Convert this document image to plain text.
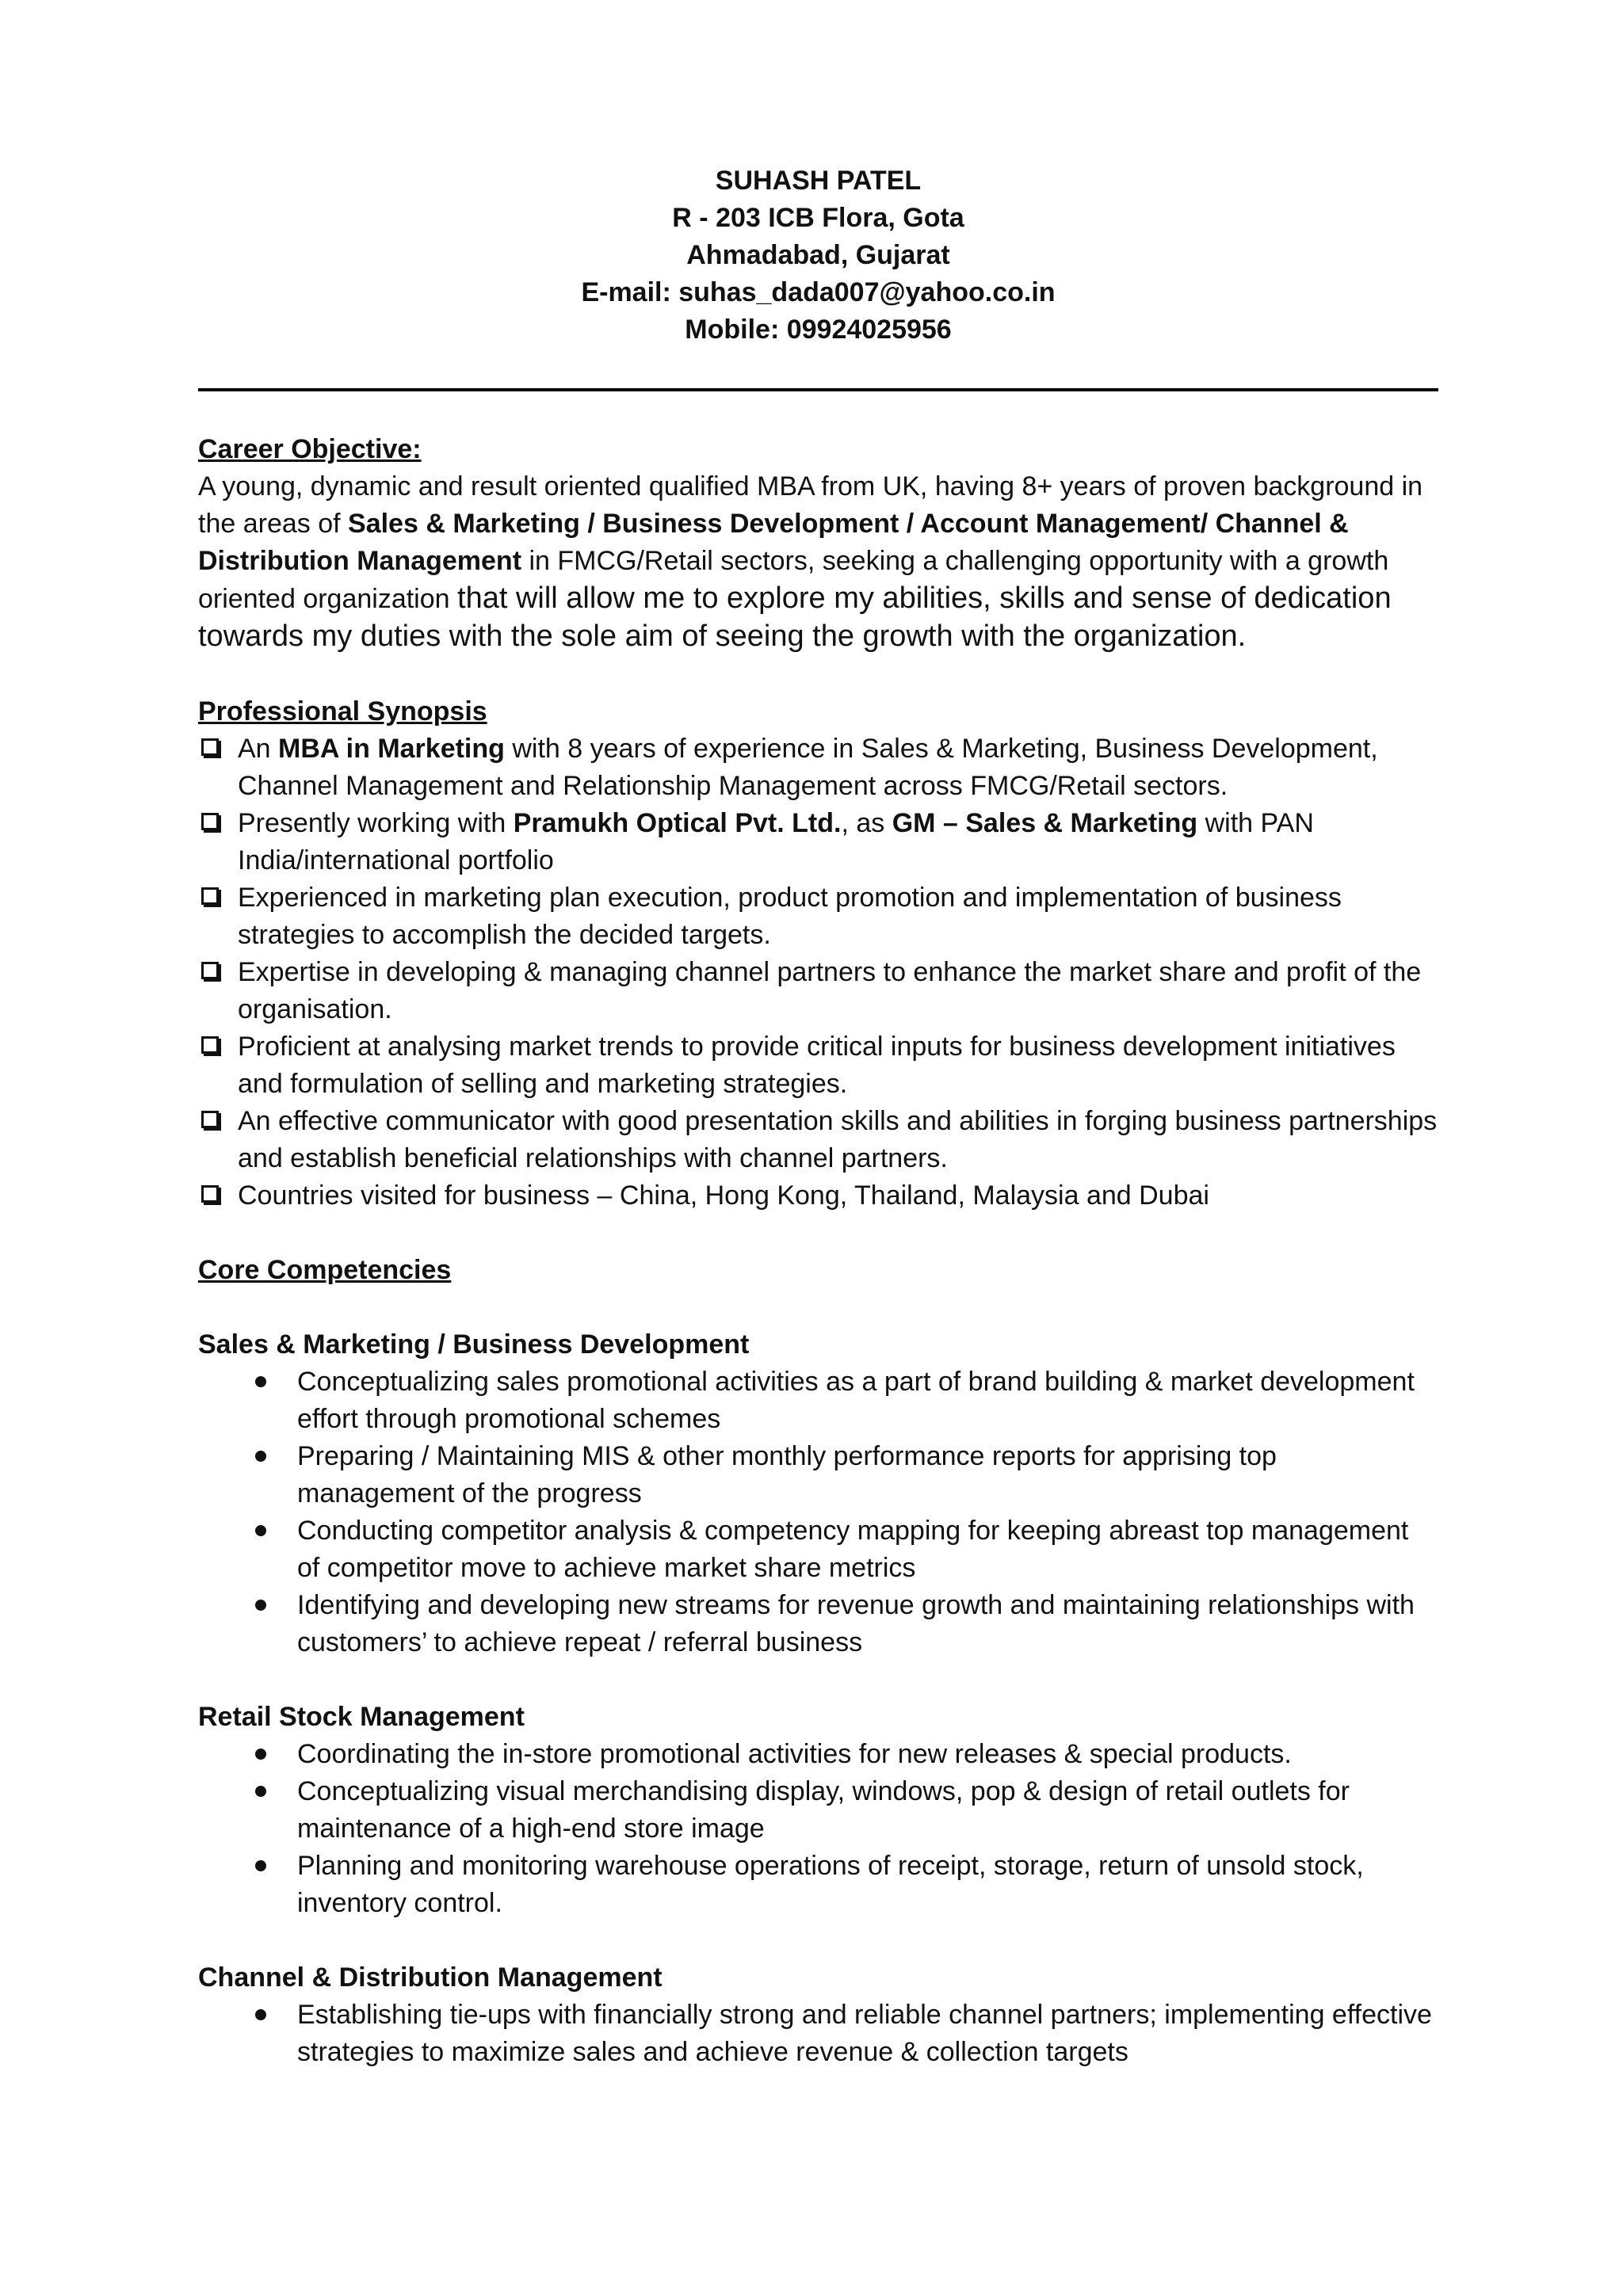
SUHASH PATEL
R - 203 ICB Flora, Gota
Ahmadabad, Gujarat
E-mail: suhas_dada007@yahoo.co.in
Mobile: 09924025956

Career Objective:

A young, dynamic and result oriented qualified MBA from UK, having 8+ years of proven background in the areas of Sales & Marketing / Business Development / Account Management/ Channel & Distribution Management in FMCG/Retail sectors, seeking a challenging opportunity with a growth oriented organization that will allow me to explore my abilities, skills and sense of dedication towards my duties with the sole aim of seeing the growth with the organization.

Professional Synopsis

An MBA in Marketing with 8 years of experience in Sales & Marketing, Business Development, Channel Management and Relationship Management across FMCG/Retail sectors.
Presently working with Pramukh Optical Pvt. Ltd., as GM – Sales & Marketing with PAN India/international portfolio
Experienced in marketing plan execution, product promotion and implementation of business strategies to accomplish the decided targets.
Expertise in developing & managing channel partners to enhance the market share and profit of the organisation.
Proficient at analysing market trends to provide critical inputs for business development initiatives and formulation of selling and marketing strategies.
An effective communicator with good presentation skills and abilities in forging business partnerships and establish beneficial relationships with channel partners.
Countries visited for business – China, Hong Kong, Thailand, Malaysia and Dubai

Core Competencies

Sales & Marketing / Business Development

Conceptualizing sales promotional activities as a part of brand building & market development effort through promotional schemes
Preparing / Maintaining MIS & other monthly performance reports for apprising top management of the progress
Conducting competitor analysis & competency mapping for keeping abreast top management of competitor move to achieve market share metrics
Identifying and developing new streams for revenue growth and maintaining relationships with customers’ to achieve repeat / referral business

Retail Stock Management

Coordinating the in-store promotional activities for new releases & special products.
Conceptualizing visual merchandising display, windows, pop & design of retail outlets for maintenance of a high-end store image
Planning and monitoring warehouse operations of receipt, storage, return of unsold stock, inventory control.

Channel & Distribution Management

Establishing tie-ups with financially strong and reliable channel partners; implementing effective strategies to maximize sales and achieve revenue & collection targets
